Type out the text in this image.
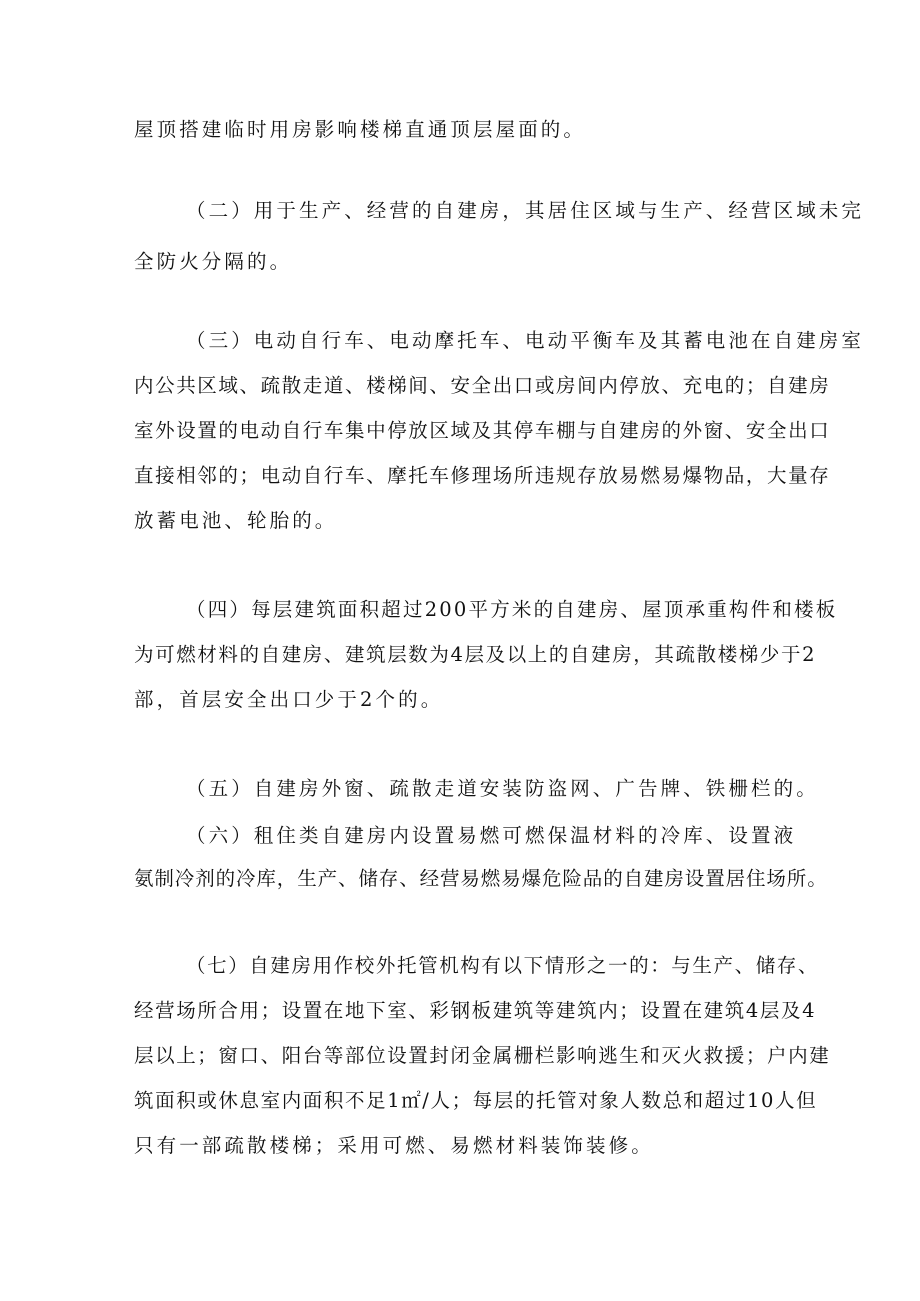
屋顶搭建临时用房影响楼梯直通顶层屋面的。
（二）用于生产、经营的自建房，其居住区域与生产、经营区域未完
全防火分隔的。
（三）电动自行车、电动摩托车、电动平衡车及其蓄电池在自建房室
内公共区域、疏散走道、楼梯间、安全出口或房间内停放、充电的；自建房
室外设置的电动自行车集中停放区域及其停车棚与自建房的外窗、安全出口
直接相邻的；电动自行车、摩托车修理场所违规存放易燃易爆物品，大量存
放蓄电池、轮胎的。
（四）每层建筑面积超过200平方米的自建房、屋顶承重构件和楼板
为可燃材料的自建房、建筑层数为4层及以上的自建房，其疏散楼梯少于2
部，首层安全出口少于2个的。
（五）自建房外窗、疏散走道安装防盗网、广告牌、铁栅栏的。
（六）租住类自建房内设置易燃可燃保温材料的冷库、设置液
氨制冷剂的冷库，生产、储存、经营易燃易爆危险品的自建房设置居住场所。
（七）自建房用作校外托管机构有以下情形之一的：与生产、储存、
经营场所合用；设置在地下室、彩钢板建筑等建筑内；设置在建筑4层及4
层以上；窗口、阳台等部位设置封闭金属栅栏影响逃生和灭火救援；户内建
筑面积或休息室内面积不足1㎡/人；每层的托管对象人数总和超过10人但
只有一部疏散楼梯；采用可燃、易燃材料装饰装修。
